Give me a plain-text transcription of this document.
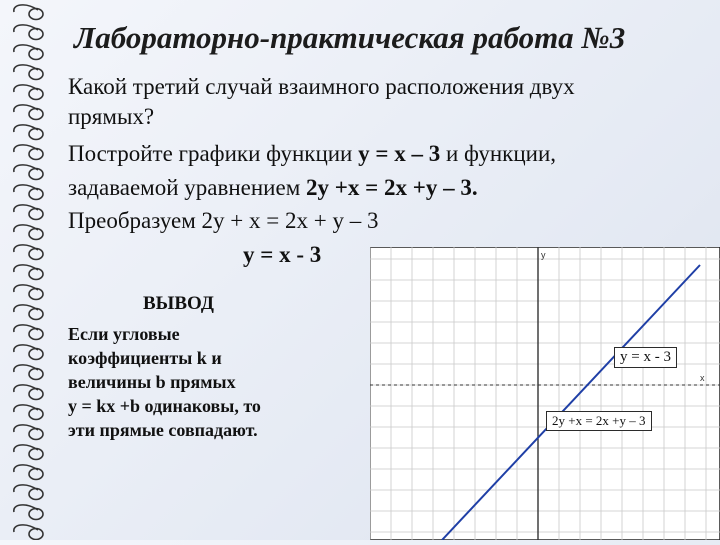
Лабораторно-практическая работа №3
Какой третий случай взаимного расположения двух
прямых?
Постройте графики функции y = x – 3 и функции,
задаваемой уравнением 2y +x = 2x +y – 3.
Преобразуем 2y + x = 2x + y – 3
y = x - 3
ВЫВОД
Если угловые
коэффициенты k и
величины b прямых
y = kx +b одинаковы, то
эти прямые совпадают.
y
x
y = x - 3
2y +x = 2x +y – 3
